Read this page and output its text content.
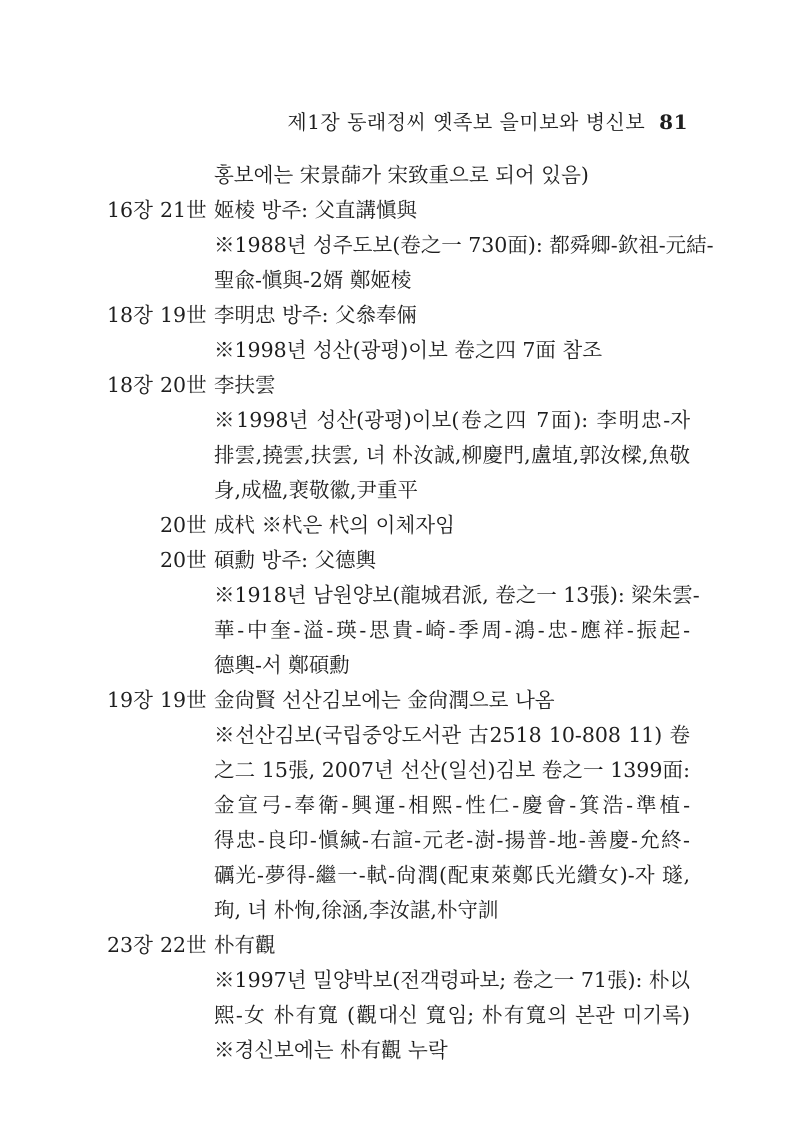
제1장 동래정씨 옛족보 을미보와 병신보 81
홍보에는 宋景蒒가 宋致重으로 되어 있음)
16장 21世 姬棱 방주: 父直講愼與
※1988년 성주도보(卷之一 730面): 都舜卿-欽祖-元結-
聖兪-愼與-2婿 鄭姬棱
18장 19世 李明忠 방주: 父叅奉倆
※1998년 성산(광평)이보 卷之四 7面 참조
18장 20世 李扶雲
※1998년 성산(광평)이보(卷之四 7面): 李明忠-자
排雲,撓雲,扶雲, 녀 朴汝誠,柳慶門,盧埴,郭汝樑,魚敬
身,成楹,裵敬徽,尹重平
20世 成杙 ※杙은 杙의 이체자임
20世 碩勳 방주: 父德輿
※1918년 남원양보(龍城君派, 卷之一 13張): 梁朱雲-
華-中奎-溢-瑛-思貴-崎-季周-鴻-忠-應祥-振起-
德輿-서 鄭碩勳
19장 19世 金尙賢 선산김보에는 金尙潤으로 나옴
※선산김보(국립중앙도서관 古2518 10-808 11) 卷
之二 15張, 2007년 선산(일선)김보 卷之一 1399面:
金宣弓-奉衛-興運-相熙-性仁-慶會-箕浩-準植-
得忠-良印-愼緘-右諠-元老-澍-揚普-地-善慶-允終-
礪光-夢得-繼一-軾-尙潤(配東萊鄭氏光纘女)-자 璲,
珣, 녀 朴恂,徐涵,李汝諶,朴守訓
23장 22世 朴有觀
※1997년 밀양박보(전객령파보; 卷之一 71張): 朴以
熙-女 朴有寬 (觀대신 寬임; 朴有寬의 본관 미기록)
※경신보에는 朴有觀 누락
